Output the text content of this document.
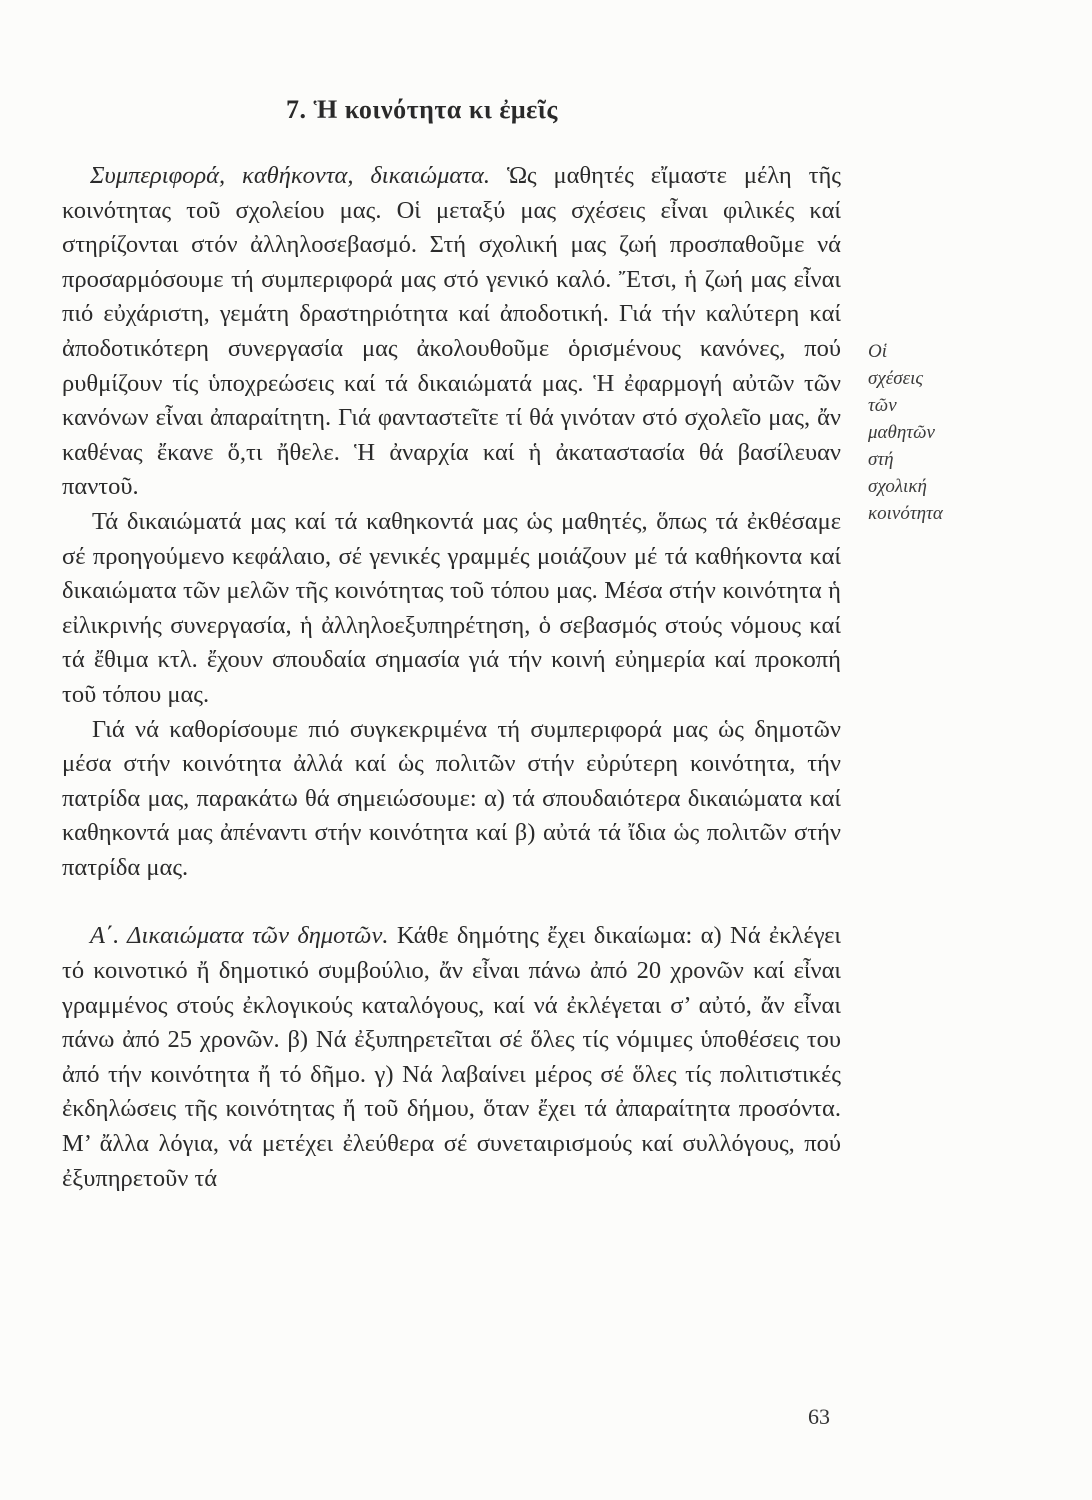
7. Ἡ κοινότητα κι ἐμεῖς

Συμπεριφορά, καθήκοντα, δικαιώματα. Ὡς μαθητές εἴμαστε μέλη τῆς κοινότητας τοῦ σχολείου μας. Οἱ μεταξύ μας σχέσεις εἶναι φιλικές καί στηρίζονται στόν ἀλληλοσεβασμό. Στή σχολική μας ζωή προσπαθοῦμε νά προσαρμόσουμε τή συμπεριφορά μας στό γενικό καλό. Ἔτσι, ἡ ζωή μας εἶναι πιό εὐχάριστη, γεμάτη δραστηριότητα καί ἀποδοτική. Γιά τήν καλύτερη καί ἀποδοτικότερη συνεργασία μας ἀκολουθοῦμε ὁρισμένους κανόνες, πού ρυθμίζουν τίς ὑποχρεώσεις καί τά δικαιώματά μας. Ἡ ἐφαρμογή αὐτῶν τῶν κανόνων εἶναι ἀπαραίτητη. Γιά φανταστεῖτε τί θά γινόταν στό σχολεῖο μας, ἄν καθένας ἔκανε ὅ,τι ἤθελε. Ἡ ἀναρχία καί ἡ ἀκαταστασία θά βασίλευαν παντοῦ.

Τά δικαιώματά μας καί τά καθηκοντά μας ὡς μαθητές, ὅπως τά ἐκθέσαμε σέ προηγούμενο κεφάλαιο, σέ γενικές γραμμές μοιάζουν μέ τά καθήκοντα καί δικαιώματα τῶν μελῶν τῆς κοινότητας τοῦ τόπου μας. Μέσα στήν κοινότητα ἡ εἰλικρινής συνεργασία, ἡ ἀλληλοεξυπηρέτηση, ὁ σεβασμός στούς νόμους καί τά ἔθιμα κτλ. ἔχουν σπουδαία σημασία γιά τήν κοινή εὐημερία καί προκοπή τοῦ τόπου μας.

Γιά νά καθορίσουμε πιό συγκεκριμένα τή συμπεριφορά μας ὡς δημοτῶν μέσα στήν κοινότητα ἀλλά καί ὡς πολιτῶν στήν εὐρύτερη κοινότητα, τήν πατρίδα μας, παρακάτω θά σημειώσουμε: α) τά σπουδαιότερα δικαιώματα καί καθηκοντά μας ἀπέναντι στήν κοινότητα καί β) αὐτά τά ἴδια ὡς πολιτῶν στήν πατρίδα μας.

Α΄. Δικαιώματα τῶν δημοτῶν. Κάθε δημότης ἔχει δικαίωμα: α) Νά ἐκλέγει τό κοινοτικό ἤ δημοτικό συμβούλιο, ἄν εἶναι πάνω ἀπό 20 χρονῶν καί εἶναι γραμμένος στούς ἐκλογικούς καταλόγους, καί νά ἐκλέγεται σ’ αὐτό, ἄν εἶναι πάνω ἀπό 25 χρονῶν. β) Νά ἐξυπηρετεῖται σέ ὅλες τίς νόμιμες ὑποθέσεις του ἀπό τήν κοινότητα ἤ τό δῆμο. γ) Νά λαβαίνει μέρος σέ ὅλες τίς πολιτιστικές ἐκδηλώσεις τῆς κοινότητας ἤ τοῦ δήμου, ὅταν ἔχει τά ἀπαραίτητα προσόντα. Μ’ ἄλλα λόγια, νά μετέχει ἐλεύθερα σέ συνεταιρισμούς καί συλλόγους, πού ἐξυπηρετοῦν τά

Οἱ
σχέσεις
τῶν
μαθητῶν
στή
σχολική
κοινότητα
63
